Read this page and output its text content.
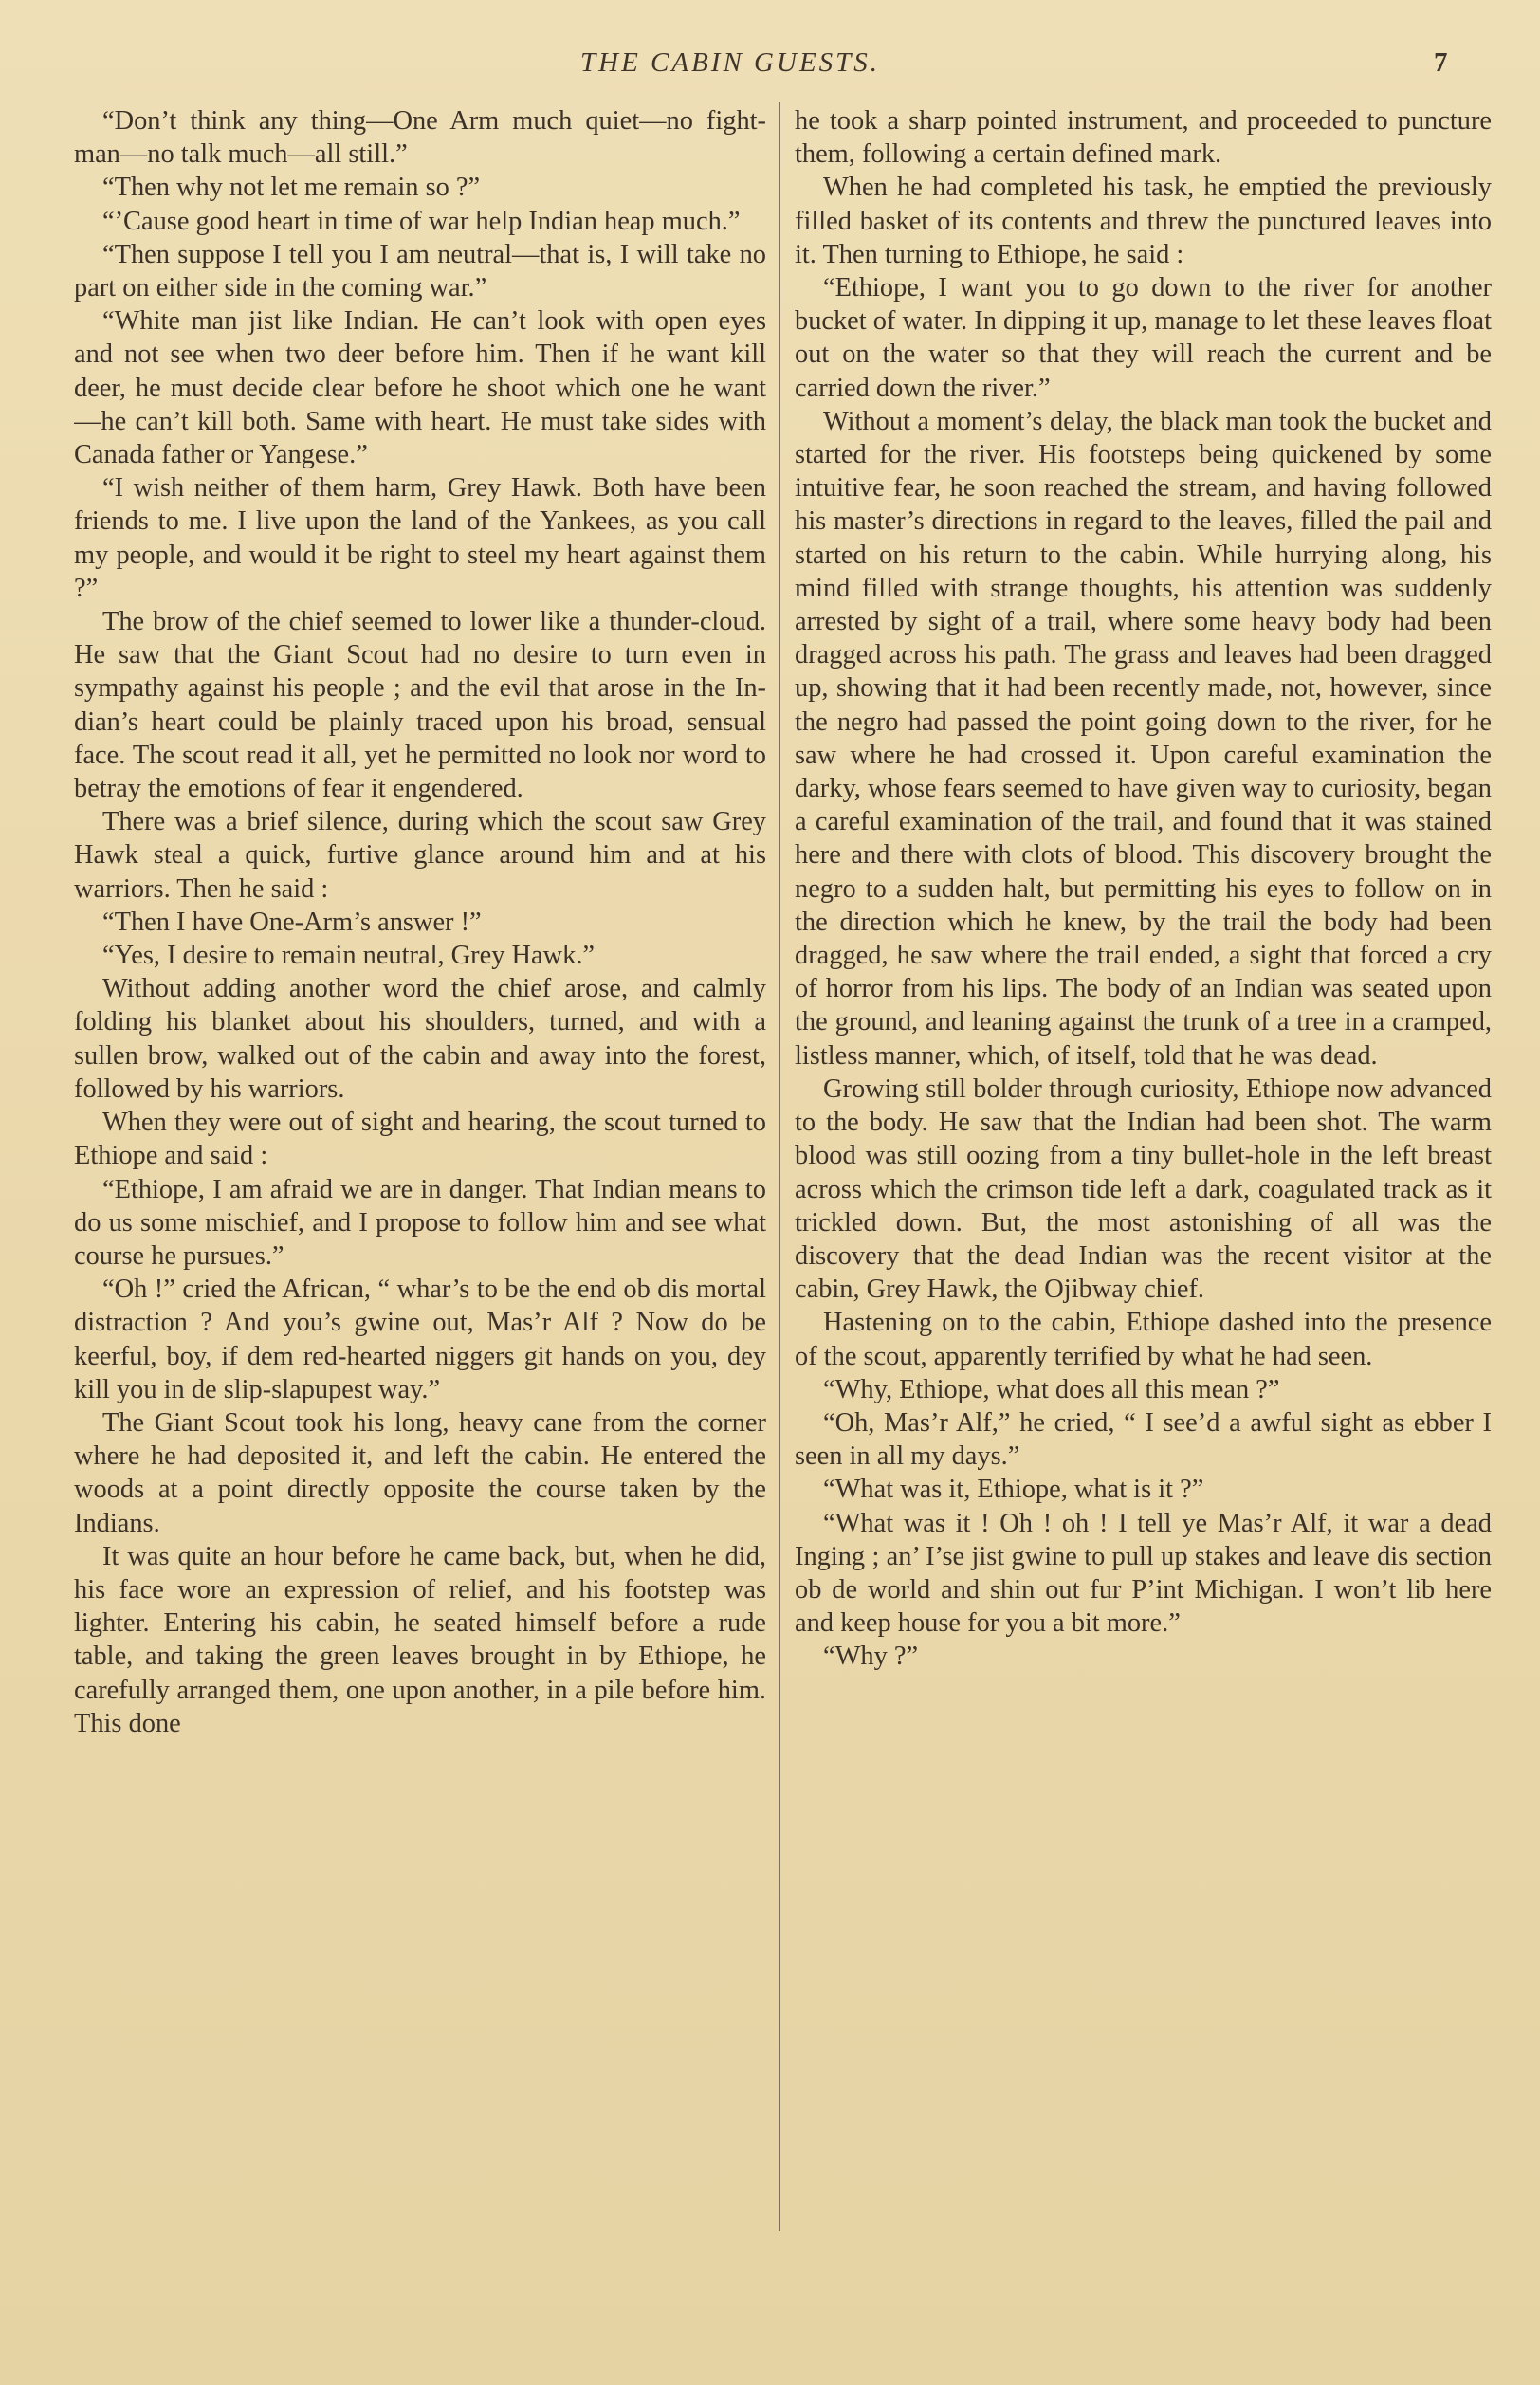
THE CABIN GUESTS.	7

“Don’t think any thing—One Arm much quiet—no fight-man—no talk much—all still.”

“Then why not let me remain so ?”

“’Cause good heart in time of war help Indian heap much.”

“Then suppose I tell you I am neutral—that is, I will take no part on either side in the coming war.”

“White man jist like Indian. He can’t look with open eyes and not see when two deer before him. Then if he want kill deer, he must decide clear before he shoot which one he want —he can’t kill both. Same with heart. He must take sides with Canada father or Yangese.”

“I wish neither of them harm, Grey Hawk. Both have been friends to me. I live upon the land of the Yankees, as you call my people, and would it be right to steel my heart against them ?”

The brow of the chief seemed to lower like a thunder-cloud. He saw that the Giant Scout had no desire to turn even in sympathy against his people ; and the evil that arose in the Indian’s heart could be plainly traced upon his broad, sensual face. The scout read it all, yet he permitted no look nor word to betray the emotions of fear it engendered.

There was a brief silence, during which the scout saw Grey Hawk steal a quick, furtive glance around him and at his warriors. Then he said :

“Then I have One-Arm’s answer !”

“Yes, I desire to remain neutral, Grey Hawk.”

Without adding another word the chief arose, and calmly folding his blanket about his shoulders, turned, and with a sullen brow, walked out of the cabin and away into the forest, followed by his warriors.

When they were out of sight and hearing, the scout turned to Ethiope and said :

“Ethiope, I am afraid we are in danger. That Indian means to do us some mischief, and I propose to follow him and see what course he pursues.”

“Oh !” cried the African, “ whar’s to be the end ob dis mortal distraction ? And you’s gwine out, Mas’r Alf ? Now do be keerful, boy, if dem red-hearted niggers git hands on you, dey kill you in de slip-slapupest way.”

The Giant Scout took his long, heavy cane from the corner where he had deposited it, and left the cabin. He entered the woods at a point directly opposite the course taken by the Indians.

It was quite an hour before he came back, but, when he did, his face wore an expression of relief, and his footstep was lighter. Entering his cabin, he seated himself before a rude table, and taking the green leaves brought in by Ethiope, he carefully arranged them, one upon another, in a pile before him. This done

he took a sharp pointed instrument, and proceeded to puncture them, following a certain defined mark.

When he had completed his task, he emptied the previously filled basket of its contents and threw the punctured leaves into it. Then turning to Ethiope, he said :

“Ethiope, I want you to go down to the river for another bucket of water. In dipping it up, manage to let these leaves float out on the water so that they will reach the current and be carried down the river.”

Without a moment’s delay, the black man took the bucket and started for the river. His footsteps being quickened by some intuitive fear, he soon reached the stream, and having followed his master’s directions in regard to the leaves, filled the pail and started on his return to the cabin. While hurrying along, his mind filled with strange thoughts, his attention was suddenly arrested by sight of a trail, where some heavy body had been dragged across his path. The grass and leaves had been dragged up, showing that it had been recently made, not, however, since the negro had passed the point going down to the river, for he saw where he had crossed it. Upon careful examination the darky, whose fears seemed to have given way to curiosity, began a careful examination of the trail, and found that it was stained here and there with clots of blood. This discovery brought the negro to a sudden halt, but permitting his eyes to follow on in the direction which he knew, by the trail the body had been dragged, he saw where the trail ended, a sight that forced a cry of horror from his lips. The body of an Indian was seated upon the ground, and leaning against the trunk of a tree in a cramped, listless manner, which, of itself, told that he was dead.

Growing still bolder through curiosity, Ethiope now advanced to the body. He saw that the Indian had been shot. The warm blood was still oozing from a tiny bullet-hole in the left breast across which the crimson tide left a dark, coagulated track as it trickled down. But, the most astonishing of all was the discovery that the dead Indian was the recent visitor at the cabin, Grey Hawk, the Ojibway chief.

Hastening on to the cabin, Ethiope dashed into the presence of the scout, apparently terrified by what he had seen.

“Why, Ethiope, what does all this mean ?”

“Oh, Mas’r Alf,” he cried, “ I see’d a awful sight as ebber I seen in all my days.”

“What was it, Ethiope, what is it ?”

“What was it ! Oh ! oh ! I tell ye Mas’r Alf, it war a dead Inging ; an’ I’se jist gwine to pull up stakes and leave dis section ob de world and shin out fur P’int Michigan. I won’t lib here and keep house for you a bit more.”

“Why ?”
